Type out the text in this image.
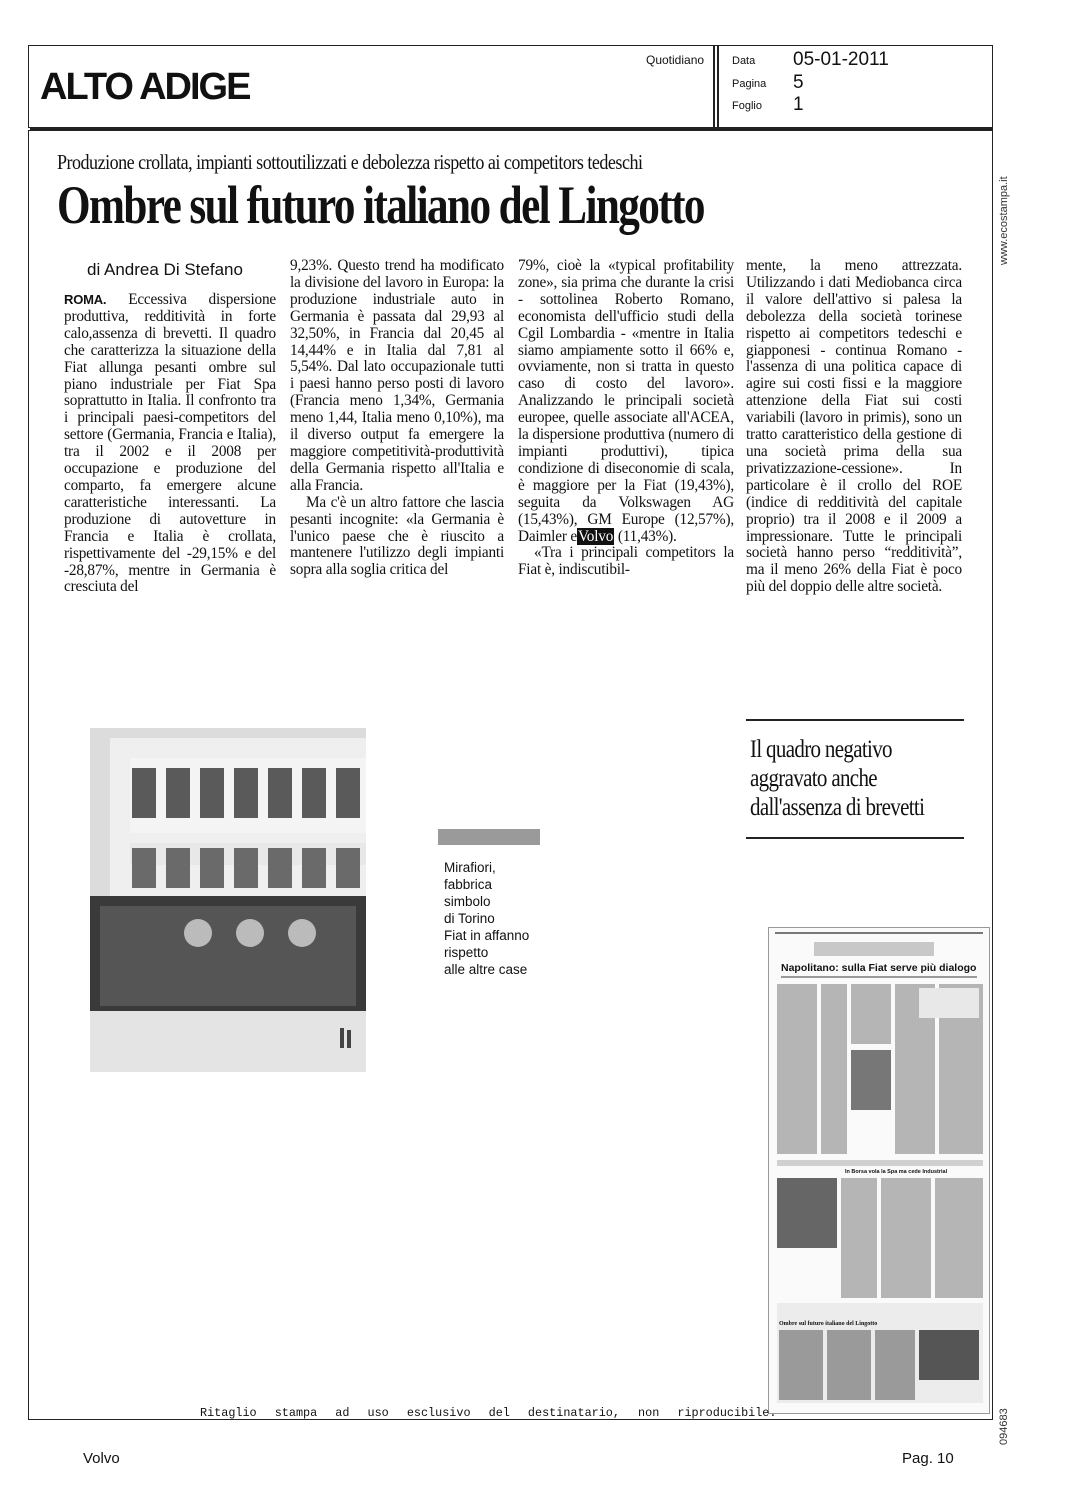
ALTO ADIGE
Quotidiano	Data 05-01-2011
Pagina 5
Foglio 1
www.ecostampa.it
094683
Produzione crollata, impianti sottoutilizzati e debolezza rispetto ai competitors tedeschi
Ombre sul futuro italiano del Lingotto
di Andrea Di Stefano

ROMA. Eccessiva dispersione produttiva, redditività in forte calo,assenza di brevetti. Il quadro che caratterizza la situazione della Fiat allunga pesanti ombre sul piano industriale per Fiat Spa soprattutto in Italia. Il confronto tra i principali paesi-competitors del settore (Germania, Francia e Italia), tra il 2002 e il 2008 per occupazione e produzione del comparto, fa emergere alcune caratteristiche interessanti. La produzione di autovetture in Francia e Italia è crollata, rispettivamente del -29,15% e del -28,87%, mentre in Germania è cresciuta del

9,23%. Questo trend ha modificato la divisione del lavoro in Europa: la produzione industriale auto in Germania è passata dal 29,93 al 32,50%, in Francia dal 20,45 al 14,44% e in Italia dal 7,81 al 5,54%. Dal lato occupazionale tutti i paesi hanno perso posti di lavoro (Francia meno 1,34%, Germania meno 1,44, Italia meno 0,10%), ma il diverso output fa emergere la maggiore competitività-produttività della Germania rispetto all'Italia e alla Francia.

Ma c'è un altro fattore che lascia pesanti incognite: «la Germania è l'unico paese che è riuscito a mantenere l'utilizzo degli impianti sopra alla soglia critica del

79%, cioè la «typical profitability zone», sia prima che durante la crisi - sottolinea Roberto Romano, economista dell'ufficio studi della Cgil Lombardia - «mentre in Italia siamo ampiamente sotto il 66% e, ovviamente, non si tratta in questo caso di costo del lavoro». Analizzando le principali società europee, quelle associate all'ACEA, la dispersione produttiva (numero di impianti produttivi), tipica condizione di diseconomie di scala, è maggiore per la Fiat (19,43%), seguita da Volkswagen AG (15,43%), GM Europe (12,57%), Daimler eVolvo (11,43%).

«Tra i principali competitors la Fiat è, indiscutibil-

mente, la meno attrezzata. Utilizzando i dati Mediobanca circa il valore dell'attivo si palesa la debolezza della società torinese rispetto ai competitors tedeschi e giapponesi - continua Romano - l'assenza di una politica capace di agire sui costi fissi e la maggiore attenzione della Fiat sui costi variabili (lavoro in primis), sono un tratto caratteristico della gestione di una società prima della sua privatizzazione-cessione». In particolare è il crollo del ROE (indice di redditività del capitale proprio) tra il 2008 e il 2009 a impressionare. Tutte le principali società hanno perso “redditività”, ma il meno 26% della Fiat è poco più del doppio delle altre società.

Mirafiori,
fabbrica
simbolo
di Torino
Fiat in affanno
rispetto
alle altre case
Il quadro negativo
aggravato anche
dall'assenza di brevetti
Napolitano: sulla Fiat serve più dialogo
In Borsa vola la Spa ma cede Industrial
Ombre sul futuro italiano del Lingotto
Ritaglio stampa ad uso esclusivo del destinatario, non riproducibile.
Volvo	Pag. 10
